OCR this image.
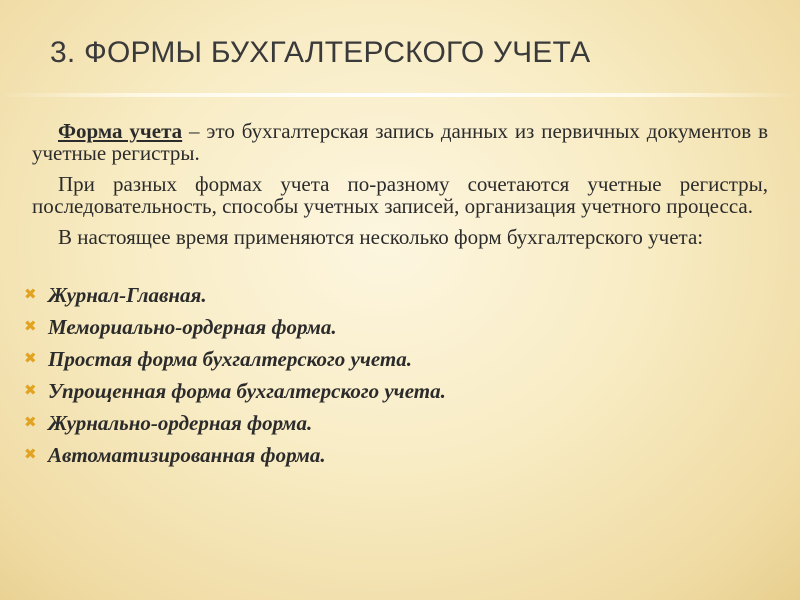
3. ФОРМЫ БУХГАЛТЕРСКОГО УЧЕТА

Форма учета – это бухгалтерская запись данных из первичных документов в учетные регистры.

При разных формах учета по-разному сочетаются учетные регистры, последовательность, способы учетных записей, организация учетного процесса.

В настоящее время применяются несколько форм бухгалтерского учета:

✖ Журнал-Главная.
✖ Мемориально-ордерная форма.
✖ Простая форма бухгалтерского учета.
✖ Упрощенная форма бухгалтерского учета.
✖ Журнально-ордерная форма.
✖ Автоматизированная форма.
